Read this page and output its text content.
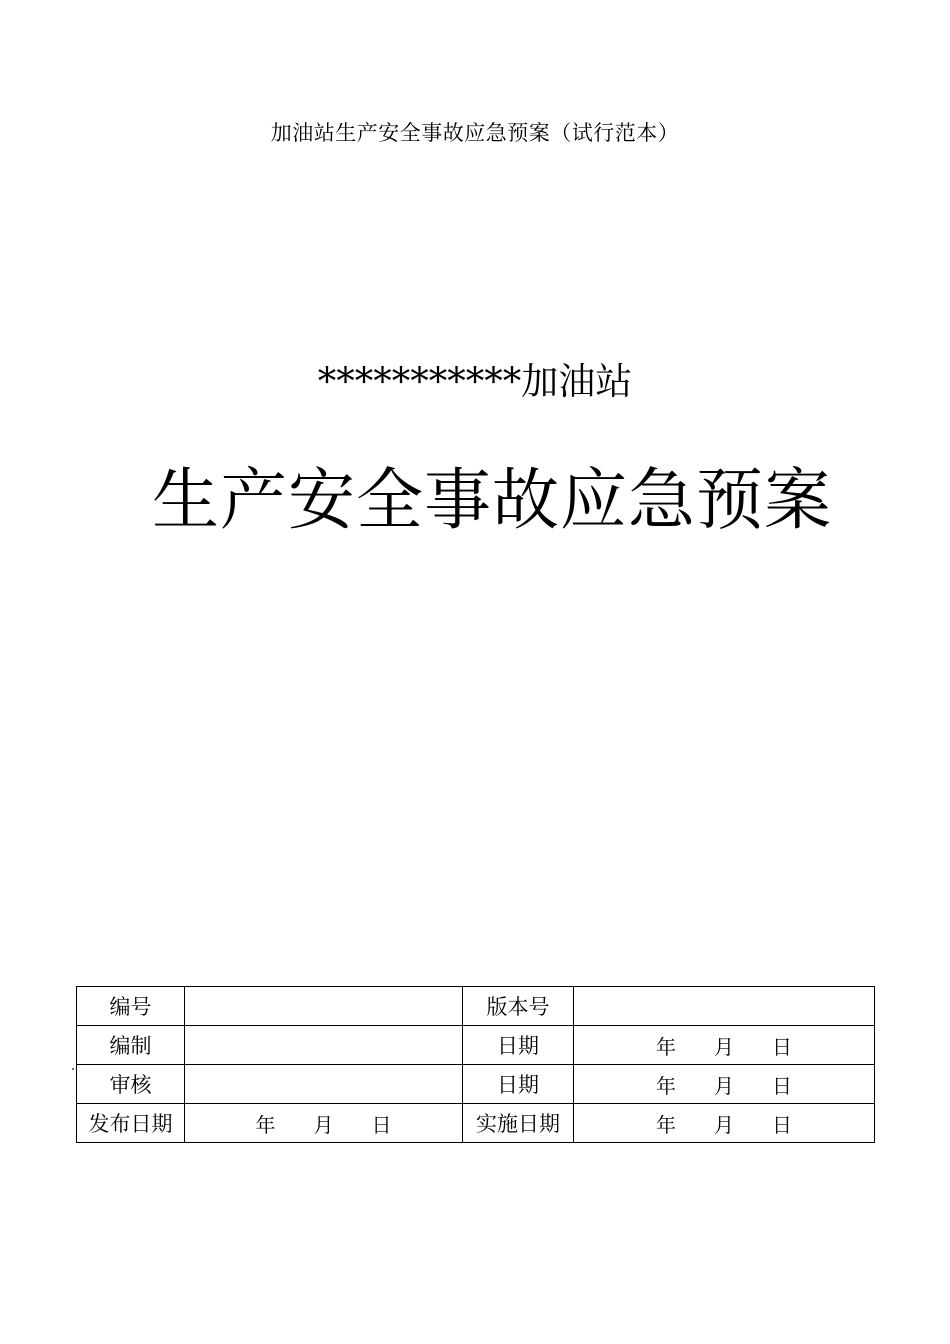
加油站生产安全事故应急预案（试行范本）
***********加油站
生产安全事故应急预案
编号		版本号	
编制		日期	年 月 日
审核		日期	年 月 日
发布日期	年 月 日	实施日期	年 月 日
